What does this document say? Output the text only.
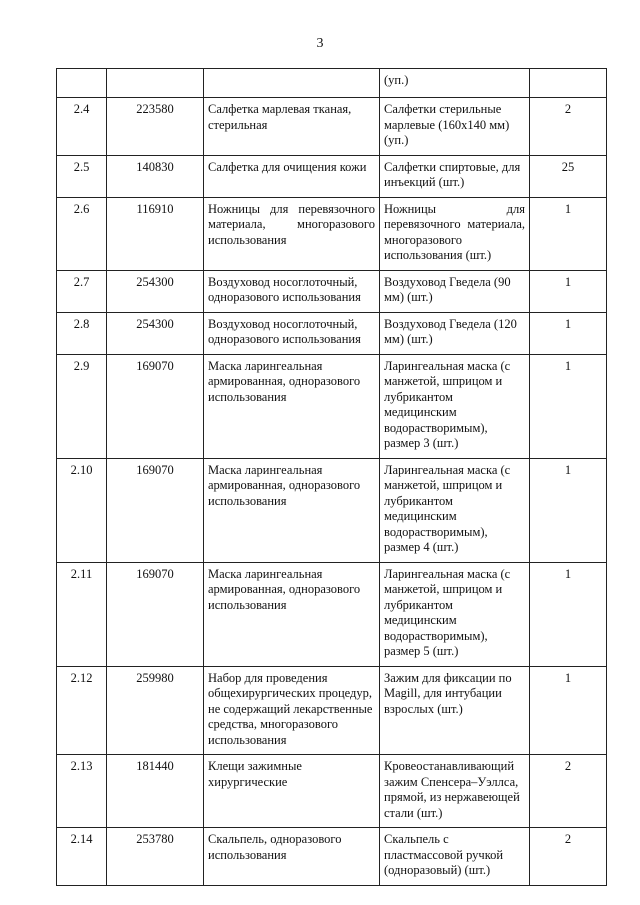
3
			(уп.)	
2.4	223580	Салфетка марлевая тканая, стерильная	Салфетки стерильные марлевые (160х140 мм) (уп.)	2
2.5	140830	Салфетка для очищения кожи	Салфетки спиртовые, для инъекций (шт.)	25
2.6	116910	Ножницы для перевязочного материала, многоразового использования	Ножницы для перевязочного материала, многоразового использования (шт.)	1
2.7	254300	Воздуховод носоглоточный, одноразового использования	Воздуховод Гведела (90 мм) (шт.)	1
2.8	254300	Воздуховод носоглоточный, одноразового использования	Воздуховод Гведела (120 мм) (шт.)	1
2.9	169070	Маска ларингеальная армированная, одноразового использования	Ларингеальная маска (с манжетой, шприцом и лубрикантом медицинским водорастворимым), размер 3 (шт.)	1
2.10	169070	Маска ларингеальная армированная, одноразового использования	Ларингеальная маска (с манжетой, шприцом и лубрикантом медицинским водорастворимым), размер 4 (шт.)	1
2.11	169070	Маска ларингеальная армированная, одноразового использования	Ларингеальная маска (с манжетой, шприцом и лубрикантом медицинским водорастворимым), размер 5 (шт.)	1
2.12	259980	Набор для проведения общехирургических процедур, не содержащий лекарственные средства, многоразового использования	Зажим для фиксации по Magill, для интубации взрослых (шт.)	1
2.13	181440	Клещи зажимные хирургические	Кровеостанавливающий зажим Спенсера–Уэллса, прямой, из нержавеющей стали (шт.)	2
2.14	253780	Скальпель, одноразового использования	Скальпель с пластмассовой ручкой (одноразовый) (шт.)	2
